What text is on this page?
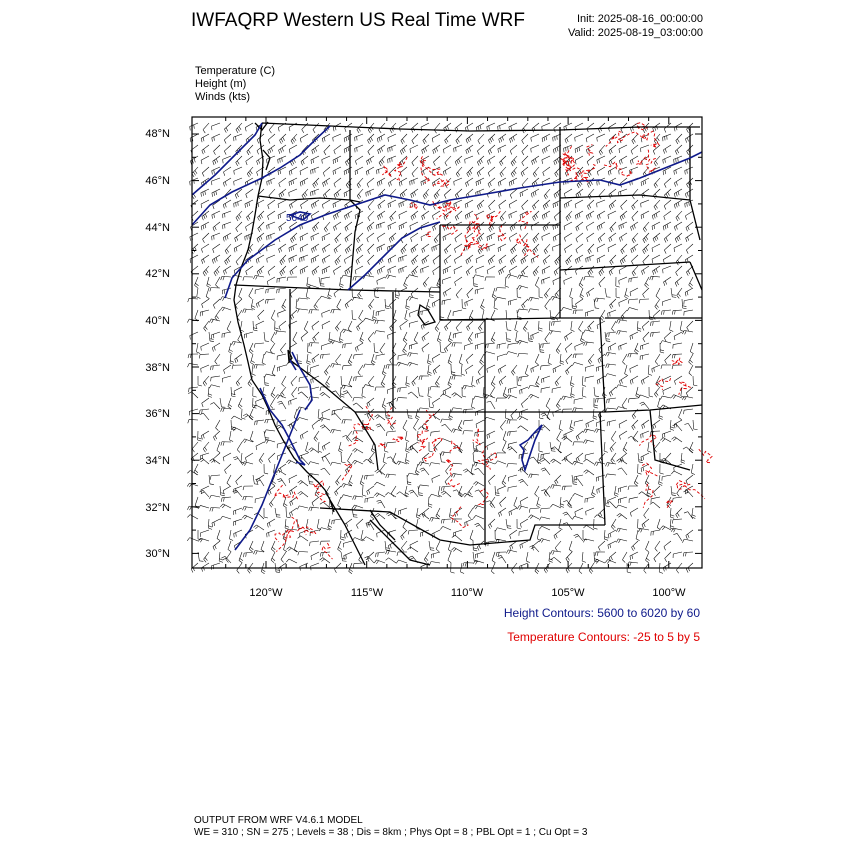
5640
IWFAQRP Western US Real Time WRF	Init: 2025-08-16_00:00:00
Valid: 2025-08-19_03:00:00
Temperature (C)
Height (m)
Winds (kts)
48°N
46°N
44°N
42°N
40°N
38°N
36°N
34°N
32°N
30°N
120°W	115°W	110°W	105°W	100°W
Height Contours: 5600 to 6020 by 60
Temperature Contours: -25 to 5 by 5
OUTPUT FROM WRF V4.6.1 MODEL
WE = 310 ; SN = 275 ; Levels = 38 ; Dis = 8km ; Phys Opt = 8 ; PBL Opt = 1 ; Cu Opt = 3
